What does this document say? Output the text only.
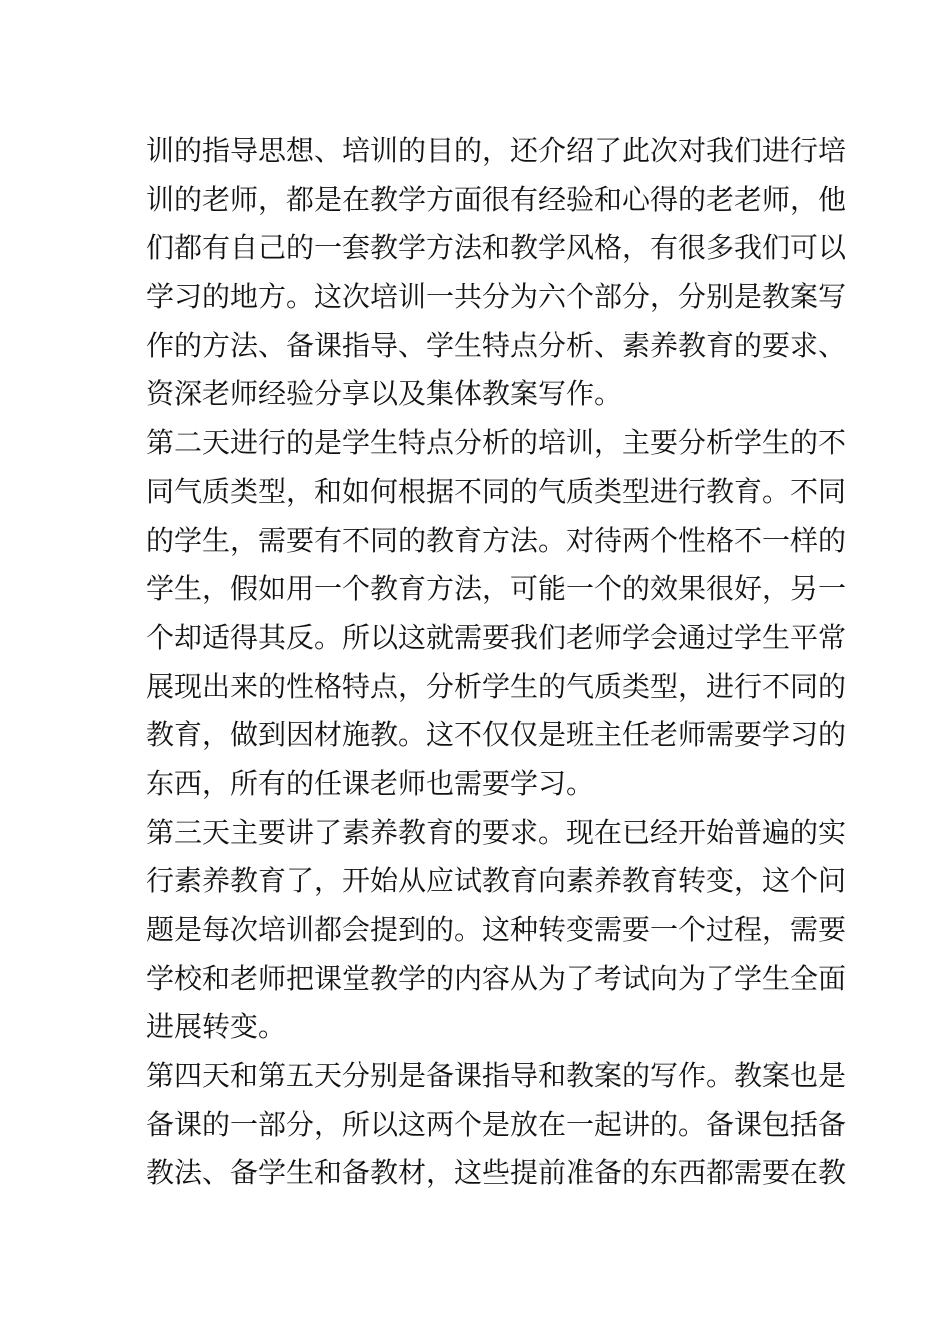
训的指导思想、培训的目的，还介绍了此次对我们进行培
训的老师，都是在教学方面很有经验和心得的老老师，他
们都有自己的一套教学方法和教学风格，有很多我们可以
学习的地方。这次培训一共分为六个部分，分别是教案写
作的方法、备课指导、学生特点分析、素养教育的要求、
资深老师经验分享以及集体教案写作。
第二天进行的是学生特点分析的培训，主要分析学生的不
同气质类型，和如何根据不同的气质类型进行教育。不同
的学生，需要有不同的教育方法。对待两个性格不一样的
学生，假如用一个教育方法，可能一个的效果很好，另一
个却适得其反。所以这就需要我们老师学会通过学生平常
展现出来的性格特点，分析学生的气质类型，进行不同的
教育，做到因材施教。这不仅仅是班主任老师需要学习的
东西，所有的任课老师也需要学习。
第三天主要讲了素养教育的要求。现在已经开始普遍的实
行素养教育了，开始从应试教育向素养教育转变，这个问
题是每次培训都会提到的。这种转变需要一个过程，需要
学校和老师把课堂教学的内容从为了考试向为了学生全面
进展转变。
第四天和第五天分别是备课指导和教案的写作。教案也是
备课的一部分，所以这两个是放在一起讲的。备课包括备
教法、备学生和备教材，这些提前准备的东西都需要在教
